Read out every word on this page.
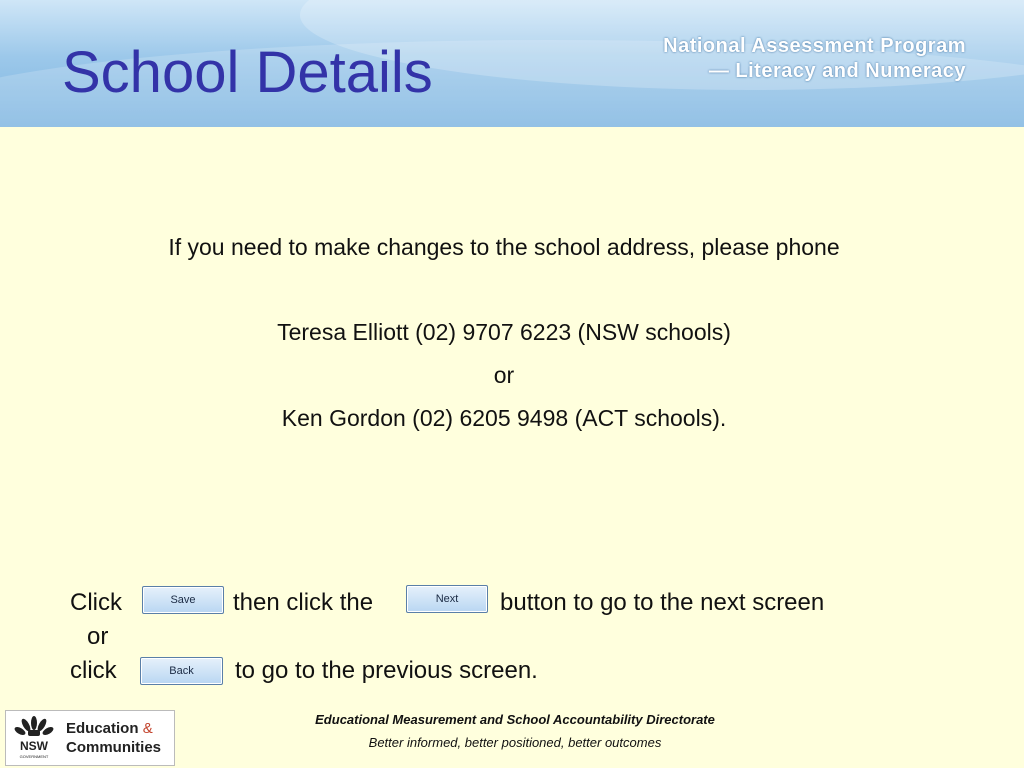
School Details	National Assessment Program
— Literacy and Numeracy
If you need to make changes to the school address, please phone
Teresa Elliott (02) 9707 6223 (NSW schools)
or
Ken Gordon (02) 6205 9498 (ACT schools).
Click	Save	then click the	Next	button to go to the next screen
or
click	Back	to go to the previous screen.
NSW
GOVERNMENT
Education &
Communities
Educational Measurement and School Accountability Directorate
Better informed, better positioned, better outcomes
